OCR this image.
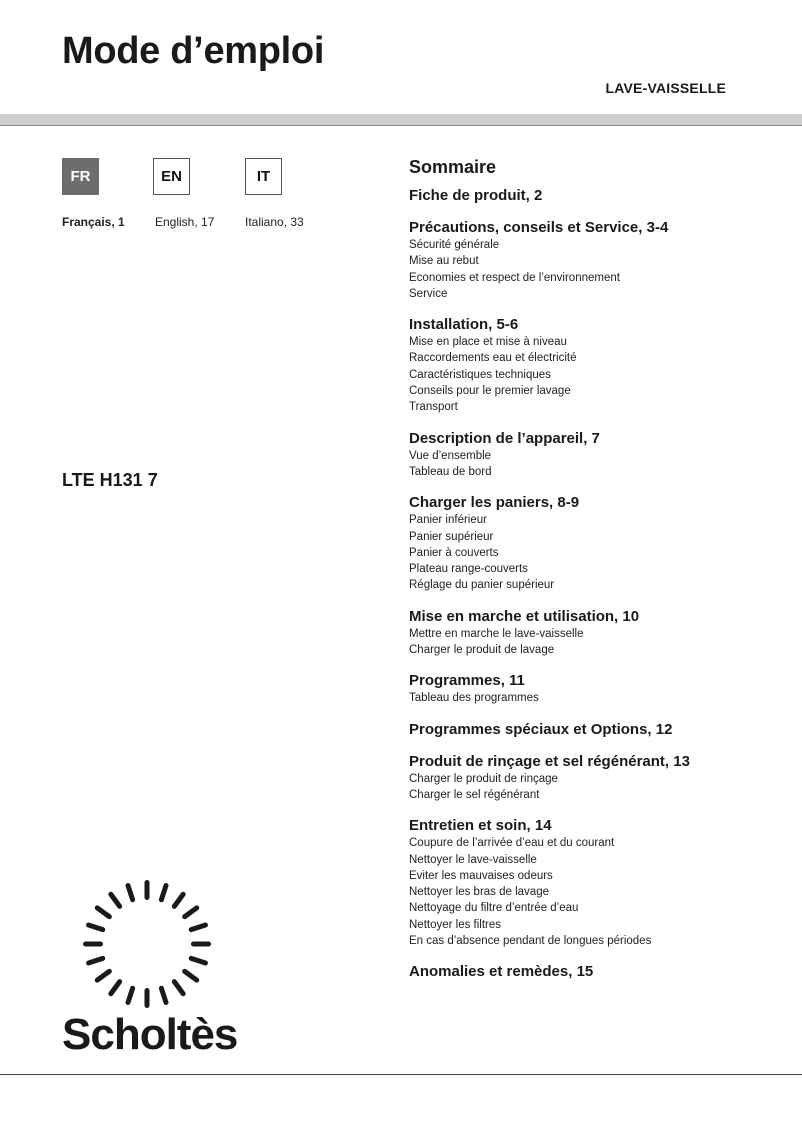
Mode d’emploi
LAVE-VAISSELLE
FR	EN	IT
Français, 1	English, 17	Italiano, 33
LTE H131 7
Sommaire
Fiche de produit, 2
Précautions, conseils et Service, 3-4
Sécurité générale
Mise au rebut
Economies et respect de l’environnement
Service
Installation, 5-6
Mise en place et mise à niveau
Raccordements eau et électricité
Caractéristiques techniques
Conseils pour le premier lavage
Transport
Description de l’appareil, 7
Vue d’ensemble
Tableau de bord
Charger les paniers, 8-9
Panier inférieur
Panier supérieur
Panier à couverts
Plateau range-couverts
Réglage du panier supérieur
Mise en marche et utilisation, 10
Mettre en marche le lave-vaisselle
Charger le produit de lavage
Programmes, 11
Tableau des programmes
Programmes spéciaux et Options, 12
Produit de rinçage et sel régénérant, 13
Charger le produit de rinçage
Charger le sel régénérant
Entretien et soin, 14
Coupure de l’arrivée d’eau et du courant
Nettoyer le lave-vaisselle
Eviter les mauvaises odeurs
Nettoyer les bras de lavage
Nettoyage du filtre d’entrée d’eau
Nettoyer les filtres
En cas d’absence pendant de longues périodes
Anomalies et remèdes, 15
Scholtès
